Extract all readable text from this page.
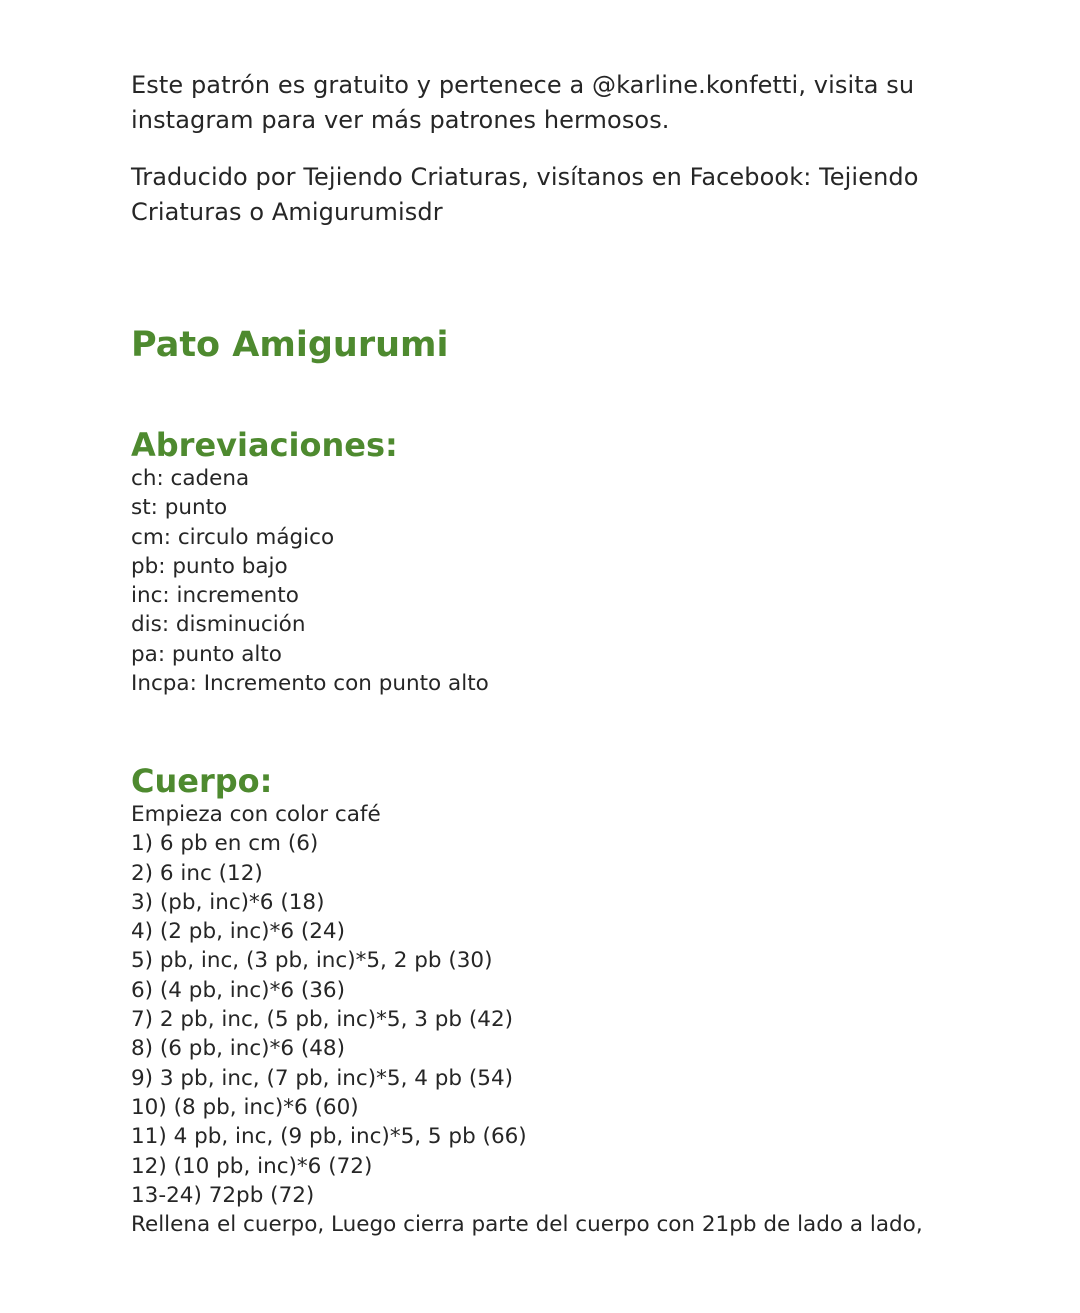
Este patrón es gratuito y pertenece a @karline.konfetti, visita su instagram para ver más patrones hermosos.

Traducido por Tejiendo Criaturas, visítanos en Facebook: Tejiendo Criaturas o Amigurumisdr

Pato Amigurumi
Abreviaciones:
ch: cadena
st: punto
cm: circulo mágico
pb: punto bajo
inc: incremento
dis: disminución
pa: punto alto
Incpa: Incremento con punto alto
Cuerpo:
Empieza con color café
1) 6 pb en cm (6)
2) 6 inc (12)
3) (pb, inc)*6 (18)
4) (2 pb, inc)*6 (24)
5) pb, inc, (3 pb, inc)*5, 2 pb (30)
6) (4 pb, inc)*6 (36)
7) 2 pb, inc, (5 pb, inc)*5, 3 pb (42)
8) (6 pb, inc)*6 (48)
9) 3 pb, inc, (7 pb, inc)*5, 4 pb (54)
10) (8 pb, inc)*6 (60)
11) 4 pb, inc, (9 pb, inc)*5, 5 pb (66)
12) (10 pb, inc)*6 (72)
13-24) 72pb (72)
Rellena el cuerpo, Luego cierra parte del cuerpo con 21pb de lado a lado,
